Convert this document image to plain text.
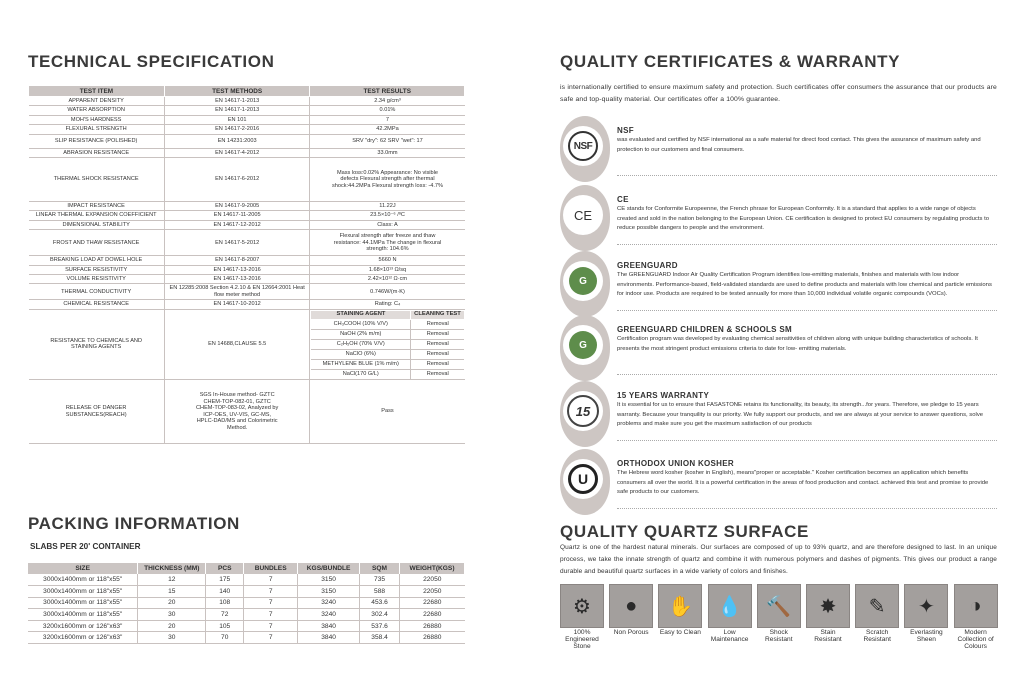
TECHNICAL SPECIFICATION
TEST ITEM	TEST METHODS	TEST RESULTS
APPARENT DENSITY	EN 14617-1-2013	2.34 g/cm³
WATER ABSORPTION	EN 14617-1-2013	0.01%
MOH'S HARDNESS	EN 101	7
FLEXURAL STRENGTH	EN 14617-2-2016	42.2MPa
SLIP RESISTANCE (POLISHED)	EN 14231:2003	SRV "dry": 62 SRV "wet": 17
ABRASION RESISTANCE	EN 14617-4-2012	33.0mm
THERMAL SHOCK RESISTANCE	EN 14617-6-2012	Mass loss:0.02% Appearance: No visible defects Flexural strength after thermal shock:44.2MPa Flexural strength loss: -4.7%
IMPACT RESISTANCE	EN 14617-9-2005	11.22J
LINEAR THERMAL EXPANSION COEFFICIENT	EN 14617-11-2005	23.5×10⁻⁶ /ºC
DIMENSIONAL STABILITY	EN 14617-12-2012	Class: A
FROST AND THAW RESISTANCE	EN 14617-5-2012	Flexural strength after freeze and thaw resistance: 44.1MPa The change in flexural strength: 104.6%
BREAKING LOAD AT DOWEL HOLE	EN 14617-8-2007	5660 N
SURFACE RESISTIVITY	EN 14617-13-2016	1.68×10¹³ Ω/sq
VOLUME RESISTIVITY	EN 14617-13-2016	2.42×10¹² Ω·cm
THERMAL CONDUCTIVITY	EN 12285:2008 Section 4.2.10 & EN 12664:2001 Heat flow meter method	0.746W/(m·K)
CHEMICAL RESISTANCE	EN 14617-10-2012	Rating: C₄
RESISTANCE TO CHEMICALS AND STAINING AGENTS	EN 14688,CLAUSE 5.5	
STAINING AGENT	CLEANING TEST
CH₃COOH (10% V/V)	Removal
NaOH (2% m/m)	Removal
C₂H₅OH (70% V/V)	Removal
NaClO (6%)	Removal
METHYLENE BLUE (1% m/m)	Removal
NaCl(170 G/L)	Removal

RELEASE OF DANGER SUBSTANCES(REACH)	SGS In-House method- GZTC CHEM-TOP-082-01, GZTC CHEM-TOP-083-02, Analyzed by ICP-OES, UV-VIS, GC-MS, HPLC-DAD/MS and Colorimetric Method.	Pass
PACKING INFORMATION
SLABS PER 20' CONTAINER
SIZE	THICKNESS (MM)	PCS	BUNDLES	KGS/BUNDLE	SQM	WEIGHT(KGS)
3000x1400mm or 118"x55"	12	175	7	3150	735	22050
3000x1400mm or 118"x55"	15	140	7	3150	588	22050
3000x1400mm or 118"x55"	20	108	7	3240	453.6	22680
3000x1400mm or 118"x55"	30	72	7	3240	302.4	22680
3200x1600mm or 126"x63"	20	105	7	3840	537.6	26880
3200x1600mm or 126"x63"	30	70	7	3840	358.4	26880
QUALITY CERTIFICATES & WARRANTY
is internationally certified to ensure maximum safety and protection. Such certificates offer consumers the assurance that our products are safe and top-quality material. Our certificates offer a 100% guarantee.
NSF
NSF
was evaluated and certified by NSF international as a safe material for direct food contact. This gives the assurance of maximum safety and protection to our customers and final consumers.
CE
CE
CE stands for Conformite Europeenne, the French phrase for European Conformity. It is a standard that applies to a wide range of objects created and sold in the nation belonging to the European Union. CE certification is designed to protect EU consumers by regulating products to reduce possible dangers to people and the environment.
G
GREENGUARD
The GREENGUARD Indoor Air Quality Certification Program identifies low-emitting materials, finishes and materials with low indoor environments. Performance-based, field-validated standards are used to define products and materials with low chemical and particle emissions for indoor use. Products are required to be tested annually for more than 10,000 individual volatile organic compounds (VOCs).
G
GREENGUARD CHILDREN & SCHOOLS SM
Certification program was developed by evaluating chemical sensitivities of children along with unique building characteristics of schools. It presents the most stringent product emissions criteria to date for low- emitting materials.
15
15 YEARS WARRANTY
It is essential for us to ensure that FASASTONE retains its functionality, its beauty, its strength...for years. Therefore, we pledge to 15 years warranty. Because your tranquility is our priority. We fully support our products, and we are always at your service to answer questions, solve problems and make sure you get the maximum satisfaction of our products
U
ORTHODOX UNION KOSHER
The Hebrew word kosher (kosher in English), means"proper or acceptable." Kosher certification becomes an application which benefits consumers all over the world. It is a powerful certification in the areas of food production and contact. achieved this test and promise to provide safe products to our customers.
QUALITY QUARTZ SURFACE
Quartz is one of the hardest natural minerals. Our surfaces are composed of up to 93% quartz, and are therefore designed to last. In an unique process, we take the innate strength of quartz and combine it with numerous polymers and dashes of pigments. This gives our product a range durable and beautiful quartz surfaces in a wide variety of colors and finishes.
⚙
100% Engineered Stone
●
Non Porous
✋
Easy to Clean
💧
Low Maintenance
🔨
Shock Resistant
✸
Stain Resistant
✎
Scratch Resistant
✦
Everlasting Sheen
◑
Modern Collection of Colours
